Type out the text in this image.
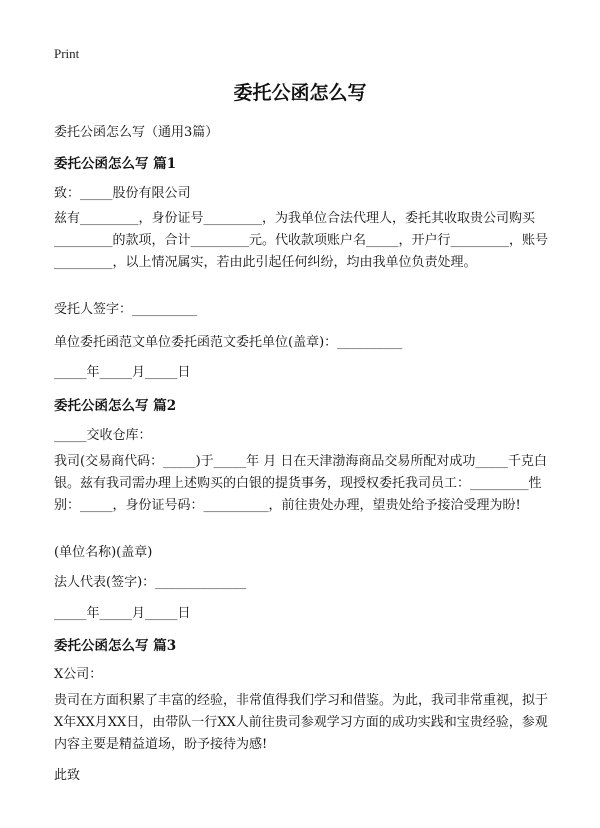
Print
委托公函怎么写

委托公函怎么写（通用3篇）

委托公函怎么写 篇1

致：_____股份有限公司

兹有_________，身份证号_________，为我单位合法代理人，委托其收取贵公司购买_________的款项，合计_________元。代收款项账户名_____，开户行_________，账号_________，以上情况属实，若由此引起任何纠纷，均由我单位负责处理。

受托人签字：__________

单位委托函范文单位委托函范文委托单位(盖章)：__________

_____年_____月_____日

委托公函怎么写 篇2

_____交收仓库：

我司(交易商代码：_____)于_____年 月 日在天津渤海商品交易所配对成功_____千克白银。兹有我司需办理上述购买的白银的提货事务，现授权委托我司员工：_________性别：_____，身份证号码：__________，前往贵处办理，望贵处给予接洽受理为盼!

(单位名称)(盖章)

法人代表(签字)：______________

_____年_____月_____日

委托公函怎么写 篇3

X公司：

贵司在方面积累了丰富的经验，非常值得我们学习和借鉴。为此，我司非常重视，拟于X年XX月XX日，由带队一行XX人前往贵司参观学习方面的成功实践和宝贵经验，参观内容主要是精益道场，盼予接待为感!

此致
